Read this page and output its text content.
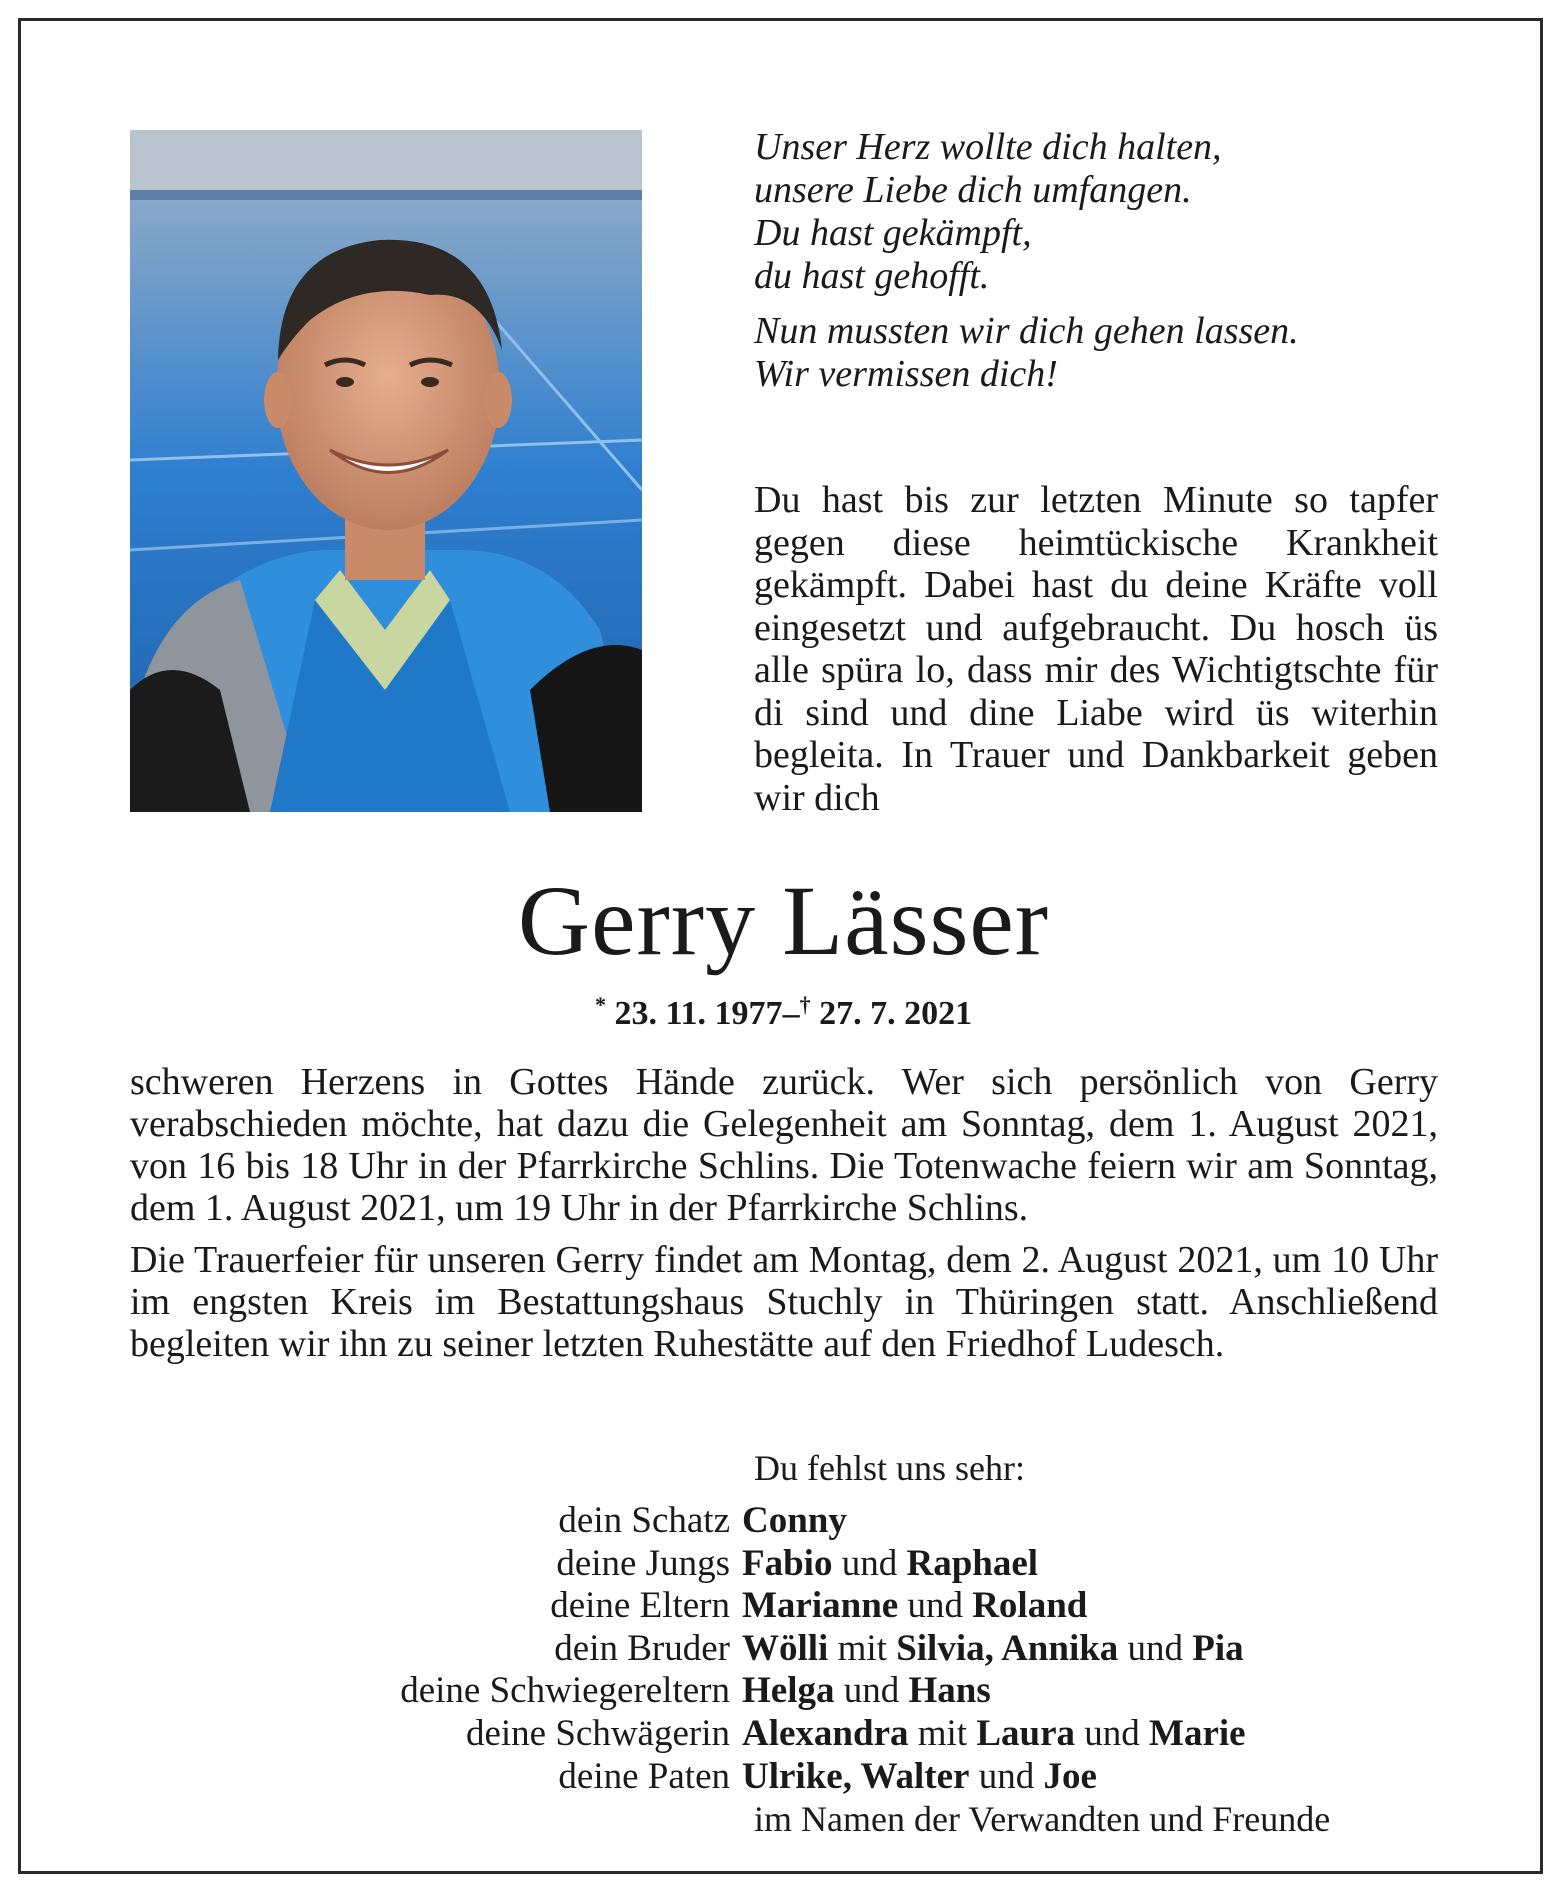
Unser Herz wollte dich halten,
unsere Liebe dich umfangen.
Du hast gekämpft,
du hast gehofft.

Nun mussten wir dich gehen lassen.
Wir vermissen dich!

Du hast bis zur letzten Minute so tapfer gegen diese heimtückische Krankheit gekämpft. Dabei hast du deine Kräfte voll eingesetzt und aufgebraucht. Du hosch üs alle spüra lo, dass mir des Wichtigtschte für di sind und dine Liabe wird üs witerhin begleita. In Trauer und Dankbarkeit geben wir dich

Gerry Lässer
* 23. 11. 1977–† 27. 7. 2021

schweren Herzens in Gottes Hände zurück. Wer sich persönlich von Gerry verabschieden möchte, hat dazu die Gelegenheit am Sonntag, dem 1. August 2021, von 16 bis 18 Uhr in der Pfarrkirche Schlins. Die Totenwache feiern wir am Sonntag, dem 1. August 2021, um 19 Uhr in der Pfarrkirche Schlins.

Die Trauerfeier für unseren Gerry findet am Montag, dem 2. August 2021, um 10 Uhr im engsten Kreis im Bestattungshaus Stuchly in Thüringen statt. Anschließend begleiten wir ihn zu seiner letzten Ruhestätte auf den Friedhof Ludesch.

Du fehlst uns sehr:

dein Schatz Conny
deine Jungs Fabio und Raphael
deine Eltern Marianne und Roland
dein Bruder Wölli mit Silvia, Annika und Pia
deine Schwiegereltern Helga und Hans
deine Schwägerin Alexandra mit Laura und Marie
deine Paten Ulrike, Walter und Joe

im Namen der Verwandten und Freunde
